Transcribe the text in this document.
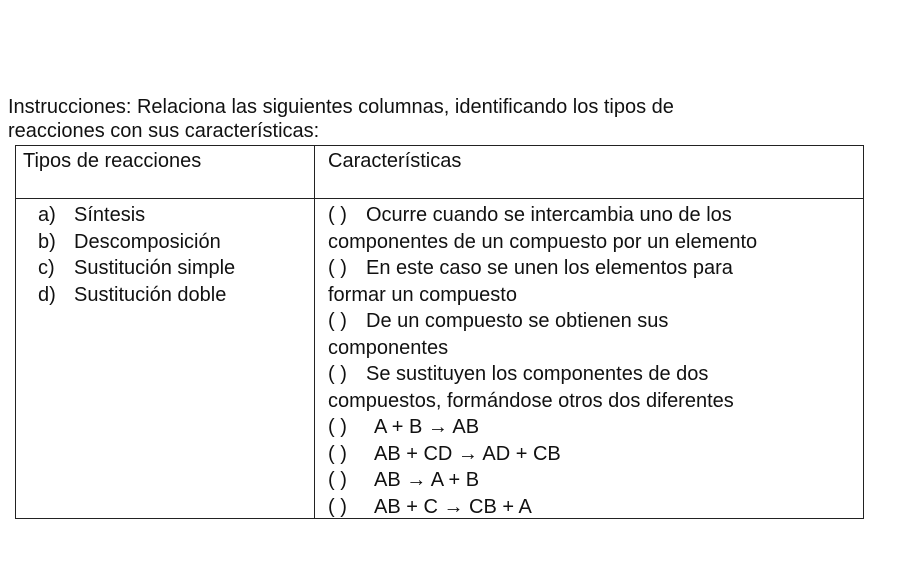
Instrucciones: Relaciona las siguientes columnas, identificando los tipos de
reacciones con sus características:
Tipos de reacciones	Características
a) Síntesis
b) Descomposición
c) Sustitución simple
d) Sustitución doble
( ) Ocurre cuando se intercambia uno de los
componentes de un compuesto por un elemento
( ) En este caso se unen los elementos para
formar un compuesto
( ) De un compuesto se obtienen sus
componentes
( ) Se sustituyen los componentes de dos
compuestos, formándose otros dos diferentes
( ) A + B → AB
( ) AB + CD → AD + CB
( ) AB → A + B
( ) AB + C → CB + A
